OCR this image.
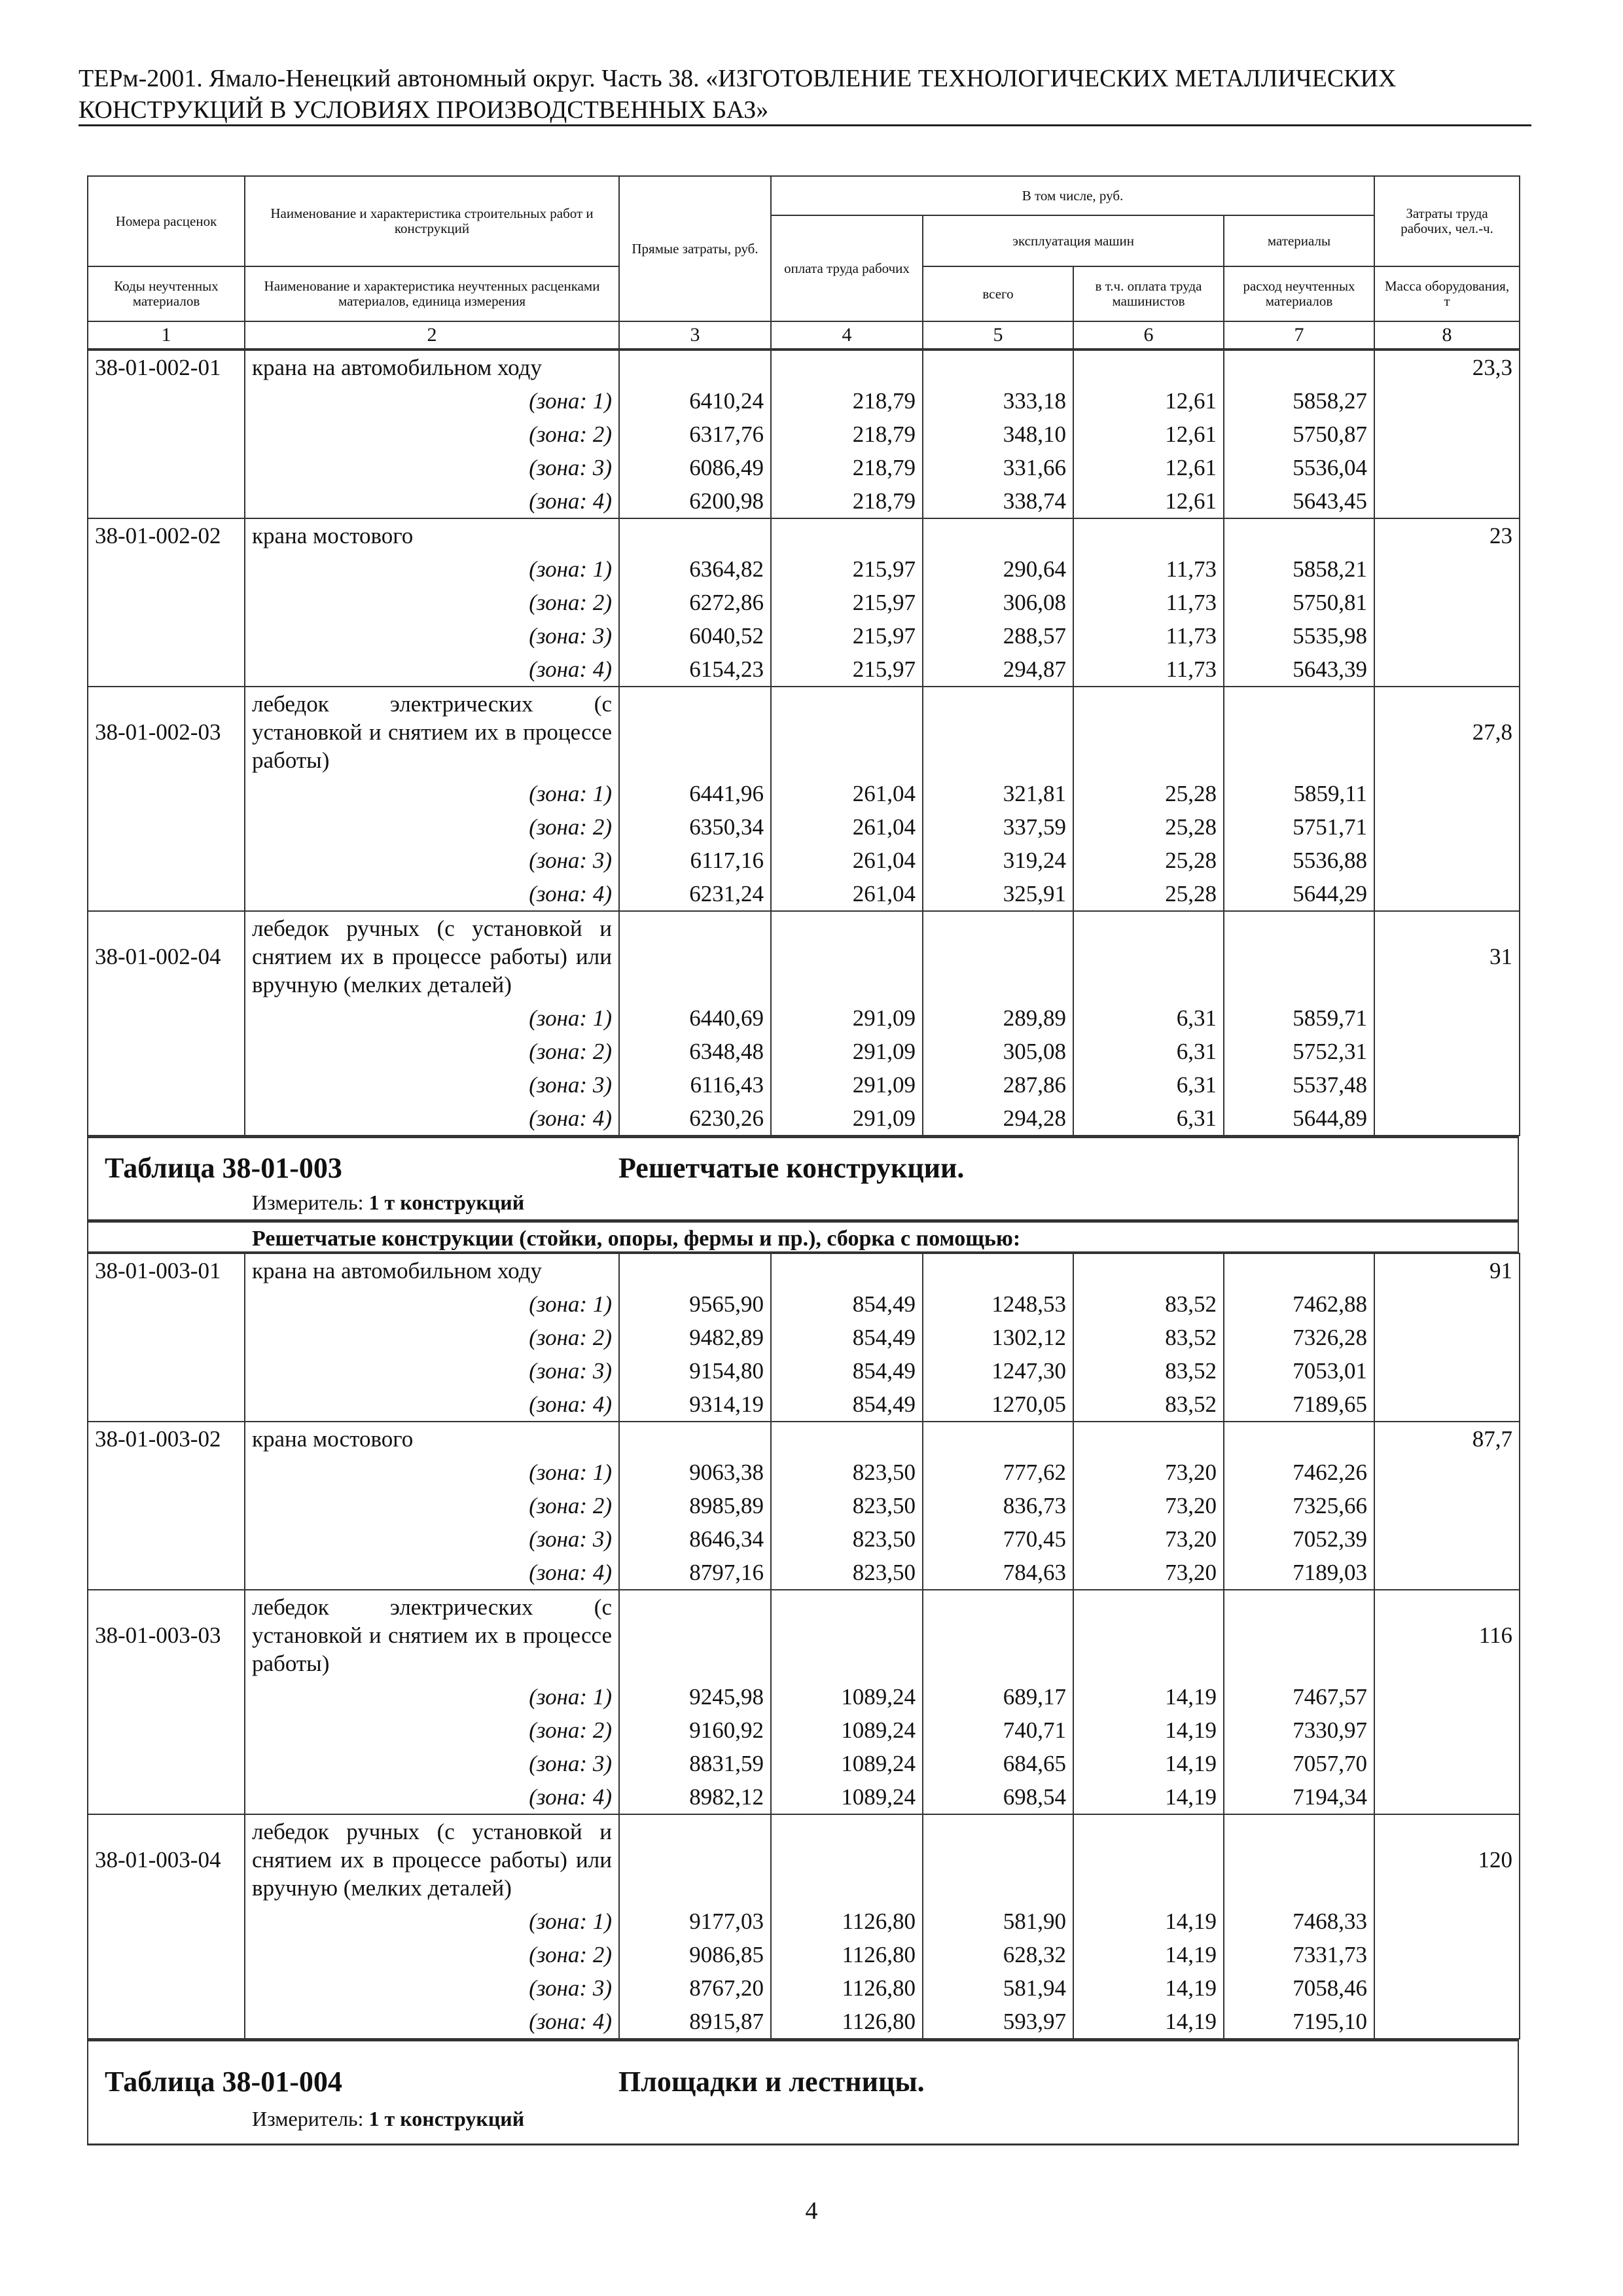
ТЕРм-2001. Ямало-Ненецкий автономный округ. Часть 38. «ИЗГОТОВЛЕНИЕ ТЕХНОЛОГИЧЕСКИХ МЕТАЛЛИЧЕСКИХ
КОНСТРУКЦИЙ В УСЛОВИЯХ ПРОИЗВОДСТВЕННЫХ БАЗ»
Номера расценок	Наименование и характеристика строительных работ и конструкций	Прямые затраты, руб.	В том числе, руб.				Затраты труда рабочих, чел.-ч.
			оплата труда рабочих	эксплуатация машин		материалы	
Коды неучтенных материалов	Наименование и характеристика неучтенных расценками материалов, единица измерения			всего	в т.ч. оплата труда машинистов	расход неучтенных материалов	Масса оборудования, т
1	2	3	4	5	6	7	8
38-01-002-01	крана на автомобильном ходу						23,3
	(зона: 1)	6410,24	218,79	333,18	12,61	5858,27	
	(зона: 2)	6317,76	218,79	348,10	12,61	5750,87	
	(зона: 3)	6086,49	218,79	331,66	12,61	5536,04	
	(зона: 4)	6200,98	218,79	338,74	12,61	5643,45	
38-01-002-02	крана мостового						23
	(зона: 1)	6364,82	215,97	290,64	11,73	5858,21	
	(зона: 2)	6272,86	215,97	306,08	11,73	5750,81	
	(зона: 3)	6040,52	215,97	288,57	11,73	5535,98	
	(зона: 4)	6154,23	215,97	294,87	11,73	5643,39	
38-01-002-03	лебедок электрических (с установкой и снятием их в процессе работы)						27,8
	(зона: 1)	6441,96	261,04	321,81	25,28	5859,11	
	(зона: 2)	6350,34	261,04	337,59	25,28	5751,71	
	(зона: 3)	6117,16	261,04	319,24	25,28	5536,88	
	(зона: 4)	6231,24	261,04	325,91	25,28	5644,29	
38-01-002-04	лебедок ручных (с установкой и снятием их в процессе работы) или вручную (мелких деталей)						31
	(зона: 1)	6440,69	291,09	289,89	6,31	5859,71	
	(зона: 2)	6348,48	291,09	305,08	6,31	5752,31	
	(зона: 3)	6116,43	291,09	287,86	6,31	5537,48	
	(зона: 4)	6230,26	291,09	294,28	6,31	5644,89	
Таблица 38-01-003	Решетчатые конструкции.
Измеритель: 1 т конструкций
Решетчатые конструкции (стойки, опоры, фермы и пр.), сборка с помощью:
38-01-003-01	крана на автомобильном ходу						91
	(зона: 1)	9565,90	854,49	1248,53	83,52	7462,88	
	(зона: 2)	9482,89	854,49	1302,12	83,52	7326,28	
	(зона: 3)	9154,80	854,49	1247,30	83,52	7053,01	
	(зона: 4)	9314,19	854,49	1270,05	83,52	7189,65	
38-01-003-02	крана мостового						87,7
	(зона: 1)	9063,38	823,50	777,62	73,20	7462,26	
	(зона: 2)	8985,89	823,50	836,73	73,20	7325,66	
	(зона: 3)	8646,34	823,50	770,45	73,20	7052,39	
	(зона: 4)	8797,16	823,50	784,63	73,20	7189,03	
38-01-003-03	лебедок электрических (с установкой и снятием их в процессе работы)						116
	(зона: 1)	9245,98	1089,24	689,17	14,19	7467,57	
	(зона: 2)	9160,92	1089,24	740,71	14,19	7330,97	
	(зона: 3)	8831,59	1089,24	684,65	14,19	7057,70	
	(зона: 4)	8982,12	1089,24	698,54	14,19	7194,34	
38-01-003-04	лебедок ручных (с установкой и снятием их в процессе работы) или вручную (мелких деталей)						120
	(зона: 1)	9177,03	1126,80	581,90	14,19	7468,33	
	(зона: 2)	9086,85	1126,80	628,32	14,19	7331,73	
	(зона: 3)	8767,20	1126,80	581,94	14,19	7058,46	
	(зона: 4)	8915,87	1126,80	593,97	14,19	7195,10	
Таблица 38-01-004	Площадки и лестницы.
Измеритель: 1 т конструкций
4
